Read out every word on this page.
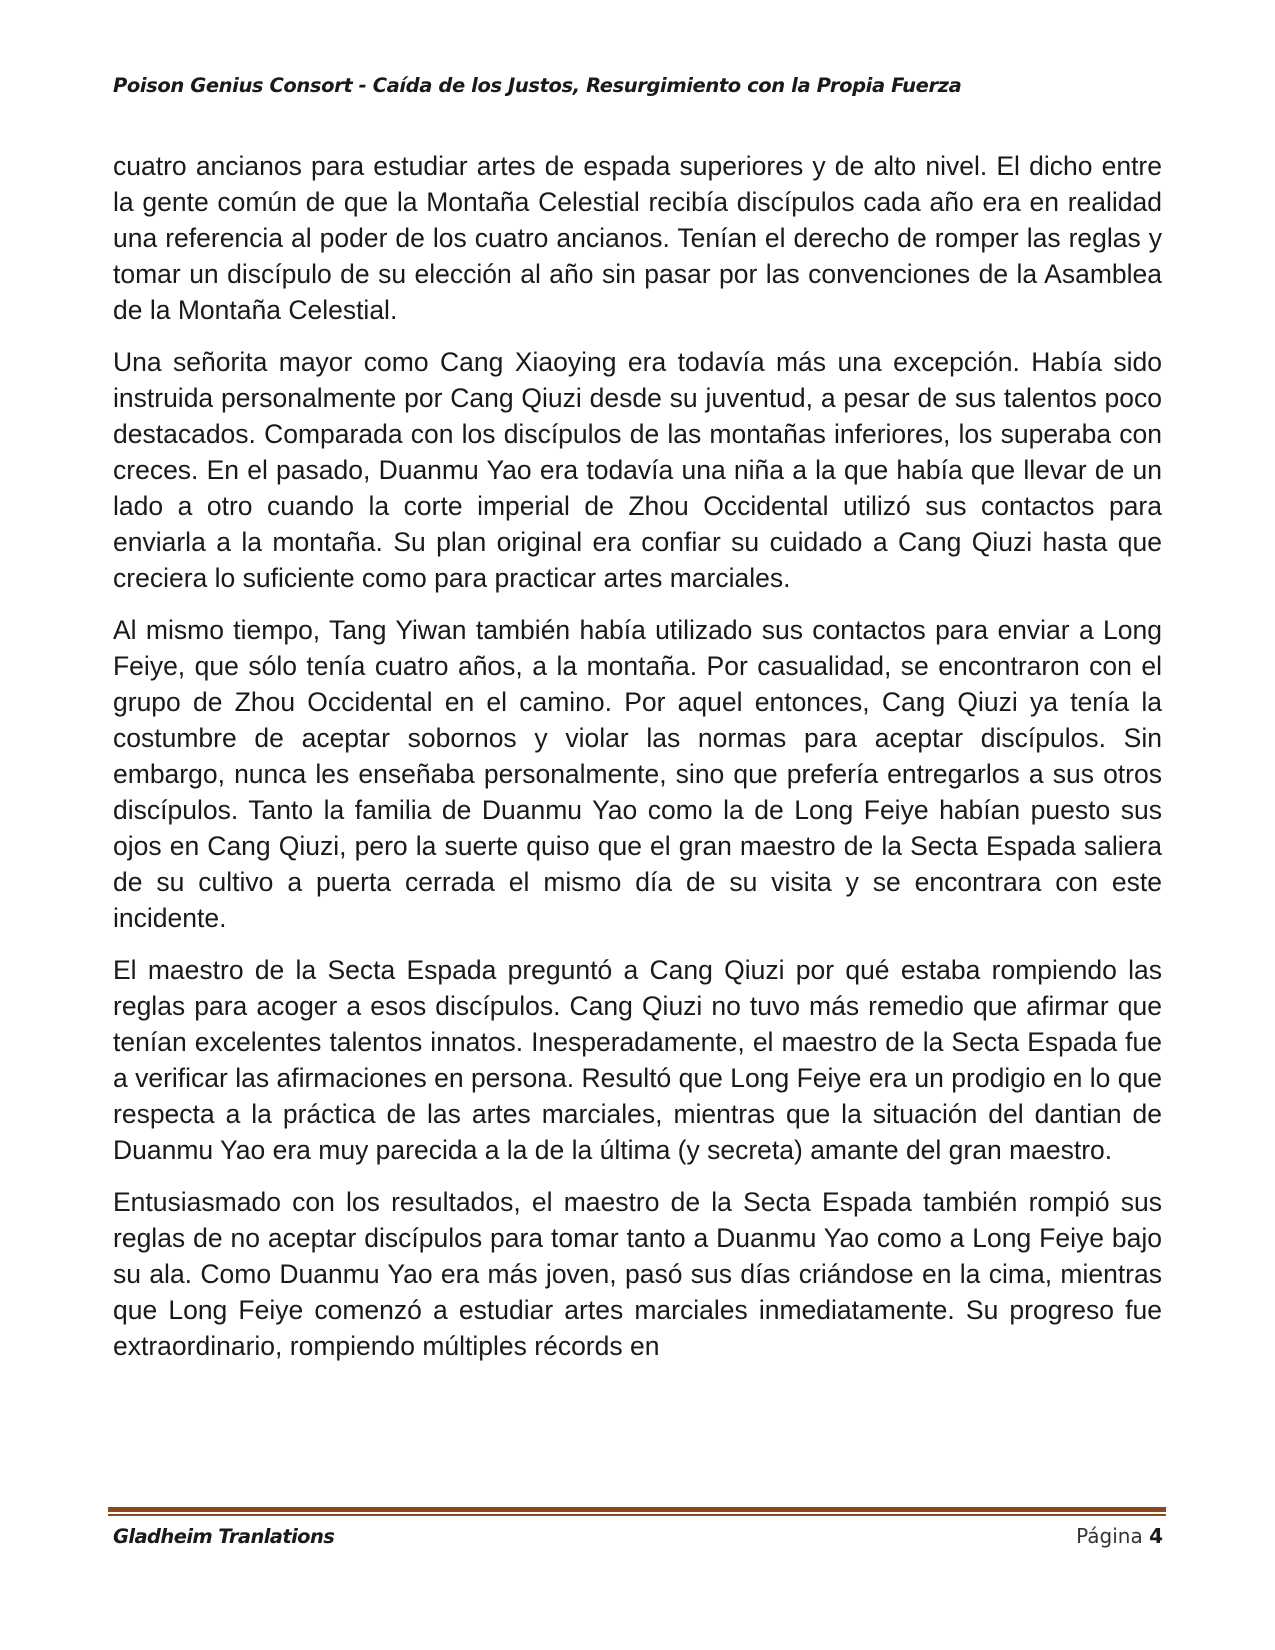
Poison Genius Consort - Caída de los Justos, Resurgimiento con la Propia Fuerza

cuatro ancianos para estudiar artes de espada superiores y de alto nivel. El dicho entre la gente común de que la Montaña Celestial recibía discípulos cada año era en realidad una referencia al poder de los cuatro ancianos. Tenían el derecho de romper las reglas y tomar un discípulo de su elección al año sin pasar por las convenciones de la Asamblea de la Montaña Celestial.

Una señorita mayor como Cang Xiaoying era todavía más una excepción. Había sido instruida personalmente por Cang Qiuzi desde su juventud, a pesar de sus talentos poco destacados. Comparada con los discípulos de las montañas inferiores, los superaba con creces. En el pasado, Duanmu Yao era todavía una niña a la que había que llevar de un lado a otro cuando la corte imperial de Zhou Occidental utilizó sus contactos para enviarla a la montaña. Su plan original era confiar su cuidado a Cang Qiuzi hasta que creciera lo suficiente como para practicar artes marciales.

Al mismo tiempo, Tang Yiwan también había utilizado sus contactos para enviar a Long Feiye, que sólo tenía cuatro años, a la montaña. Por casualidad, se encontraron con el grupo de Zhou Occidental en el camino. Por aquel entonces, Cang Qiuzi ya tenía la costumbre de aceptar sobornos y violar las normas para aceptar discípulos. Sin embargo, nunca les enseñaba personalmente, sino que prefería entregarlos a sus otros discípulos. Tanto la familia de Duanmu Yao como la de Long Feiye habían puesto sus ojos en Cang Qiuzi, pero la suerte quiso que el gran maestro de la Secta Espada saliera de su cultivo a puerta cerrada el mismo día de su visita y se encontrara con este incidente.

El maestro de la Secta Espada preguntó a Cang Qiuzi por qué estaba rompiendo las reglas para acoger a esos discípulos. Cang Qiuzi no tuvo más remedio que afirmar que tenían excelentes talentos innatos. Inesperadamente, el maestro de la Secta Espada fue a verificar las afirmaciones en persona. Resultó que Long Feiye era un prodigio en lo que respecta a la práctica de las artes marciales, mientras que la situación del dantian de Duanmu Yao era muy parecida a la de la última (y secreta) amante del gran maestro.

Entusiasmado con los resultados, el maestro de la Secta Espada también rompió sus reglas de no aceptar discípulos para tomar tanto a Duanmu Yao como a Long Feiye bajo su ala. Como Duanmu Yao era más joven, pasó sus días criándose en la cima, mientras que Long Feiye comenzó a estudiar artes marciales inmediatamente. Su progreso fue extraordinario, rompiendo múltiples récords en

Gladheim Tranlations	Página 4
